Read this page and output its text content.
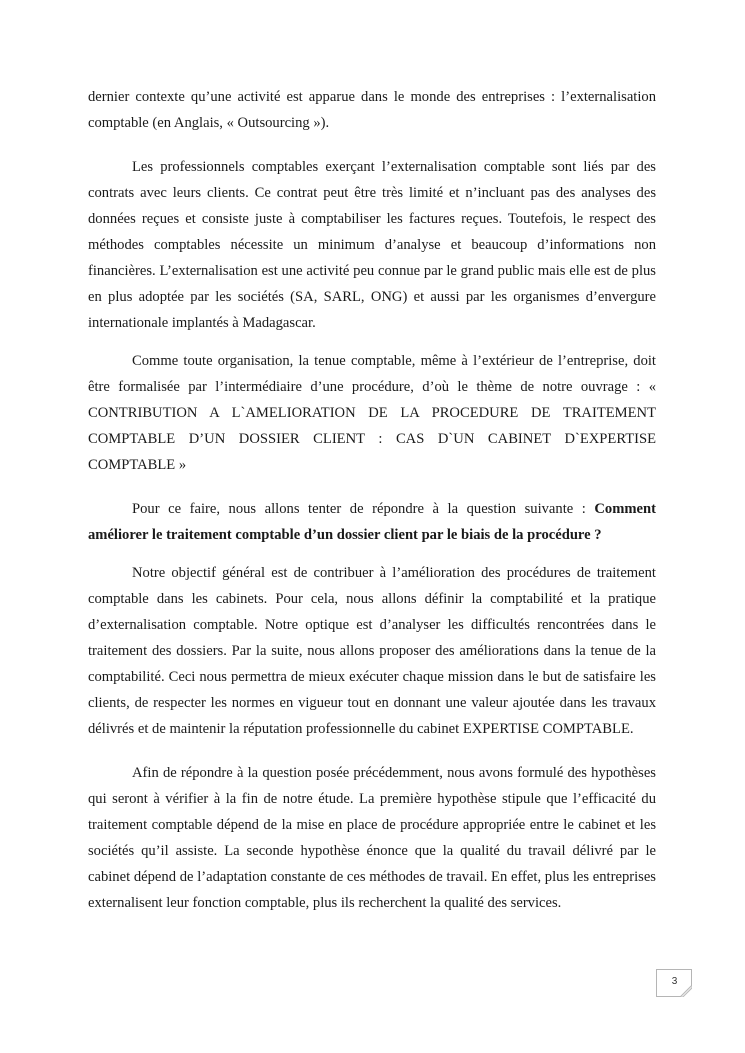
dernier contexte qu’une activité est apparue dans le monde des entreprises : l’externalisation comptable (en Anglais, « Outsourcing »).

Les professionnels comptables exerçant l’externalisation comptable sont liés par des contrats avec leurs clients. Ce contrat peut être très limité et n’incluant pas des analyses des données reçues et consiste juste à comptabiliser les factures reçues. Toutefois, le respect des méthodes comptables nécessite un minimum d’analyse et beaucoup d’informations non financières. L’externalisation est une activité peu connue par le grand public mais elle est de plus en plus adoptée par les sociétés (SA, SARL, ONG) et aussi par les organismes d’envergure internationale implantés à Madagascar.

Comme toute organisation, la tenue comptable, même à l’extérieur de l’entreprise, doit être formalisée par l’intermédiaire d’une procédure, d’où le thème de notre ouvrage : « CONTRIBUTION A L`AMELIORATION DE LA PROCEDURE DE TRAITEMENT COMPTABLE D’UN DOSSIER CLIENT : CAS D`UN CABINET D`EXPERTISE COMPTABLE »

Pour ce faire, nous allons tenter de répondre à la question suivante : Comment améliorer le traitement comptable d’un dossier client par le biais de la procédure ?

Notre objectif général est de contribuer à l’amélioration des procédures de traitement comptable dans les cabinets. Pour cela, nous allons définir la comptabilité et la pratique d’externalisation comptable. Notre optique est d’analyser les difficultés rencontrées dans le traitement des dossiers. Par la suite, nous allons proposer des améliorations dans la tenue de la comptabilité. Ceci nous permettra de mieux exécuter chaque mission dans le but de satisfaire les clients, de respecter les normes en vigueur tout en donnant une valeur ajoutée dans les travaux délivrés et de maintenir la réputation professionnelle du cabinet EXPERTISE COMPTABLE.

Afin de répondre à la question posée précédemment, nous avons formulé des hypothèses qui seront à vérifier à la fin de notre étude. La première hypothèse stipule que l’efficacité du traitement comptable dépend de la mise en place de procédure appropriée entre le cabinet et les sociétés qu’il assiste. La seconde hypothèse énonce que la qualité du travail délivré par le cabinet dépend de l’adaptation constante de ces méthodes de travail. En effet, plus les entreprises externalisent leur fonction comptable, plus ils recherchent la qualité des services.

3
